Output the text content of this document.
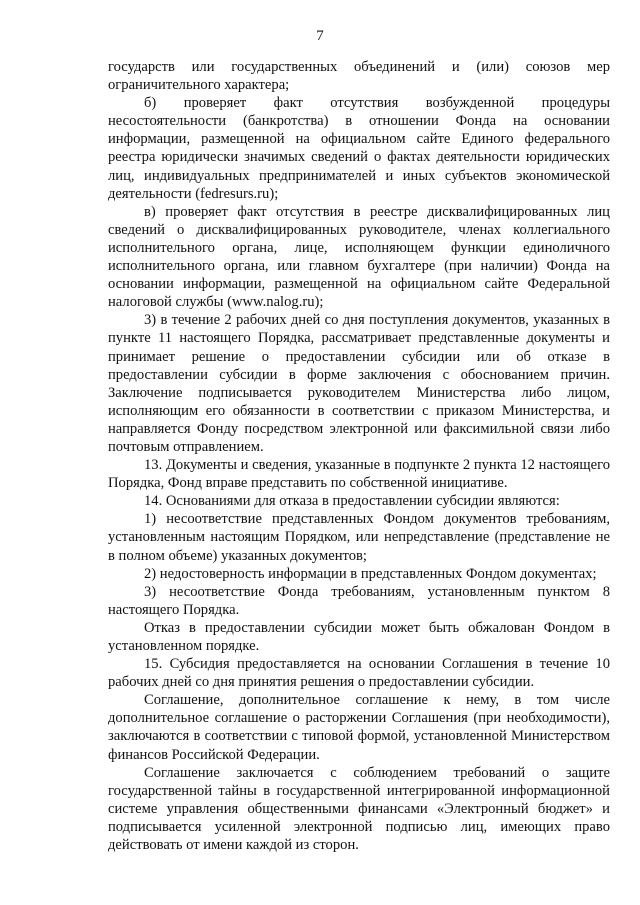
7

государств или государственных объединений и (или) союзов мер ограничительного характера;

б) проверяет факт отсутствия возбужденной процедуры несостоятельности (банкротства) в отношении Фонда на основании информации, размещенной на официальном сайте Единого федерального реестра юридически значимых сведений о фактах деятельности юридических лиц, индивидуальных предпринимателей и иных субъектов экономической деятельности (fedresurs.ru);

в) проверяет факт отсутствия в реестре дисквалифицированных лиц сведений о дисквалифицированных руководителе, членах коллегиального исполнительного органа, лице, исполняющем функции единоличного исполнительного органа, или главном бухгалтере (при наличии) Фонда на основании информации, размещенной на официальном сайте Федеральной налоговой службы (www.nalog.ru);

3) в течение 2 рабочих дней со дня поступления документов, указанных в пункте 11 настоящего Порядка, рассматривает представленные документы и принимает решение о предоставлении субсидии или об отказе в предоставлении субсидии в форме заключения с обоснованием причин. Заключение подписывается руководителем Министерства либо лицом, исполняющим его обязанности в соответствии с приказом Министерства, и направляется Фонду посредством электронной или факсимильной связи либо почтовым отправлением.

13. Документы и сведения, указанные в подпункте 2 пункта 12 настоящего Порядка, Фонд вправе представить по собственной инициативе.

14. Основаниями для отказа в предоставлении субсидии являются:

1) несоответствие представленных Фондом документов требованиям, установленным настоящим Порядком, или непредставление (представление не в полном объеме) указанных документов;

2) недостоверность информации в представленных Фондом документах;

3) несоответствие Фонда требованиям, установленным пунктом 8 настоящего Порядка.

Отказ в предоставлении субсидии может быть обжалован Фондом в установленном порядке.

15. Субсидия предоставляется на основании Соглашения в течение 10 рабочих дней со дня принятия решения о предоставлении субсидии.

Соглашение, дополнительное соглашение к нему, в том числе дополнительное соглашение о расторжении Соглашения (при необходимости), заключаются в соответствии с типовой формой, установленной Министерством финансов Российской Федерации.

Соглашение заключается с соблюдением требований о защите государственной тайны в государственной интегрированной информационной системе управления общественными финансами «Электронный бюджет» и подписывается усиленной электронной подписью лиц, имеющих право действовать от имени каждой из сторон.
